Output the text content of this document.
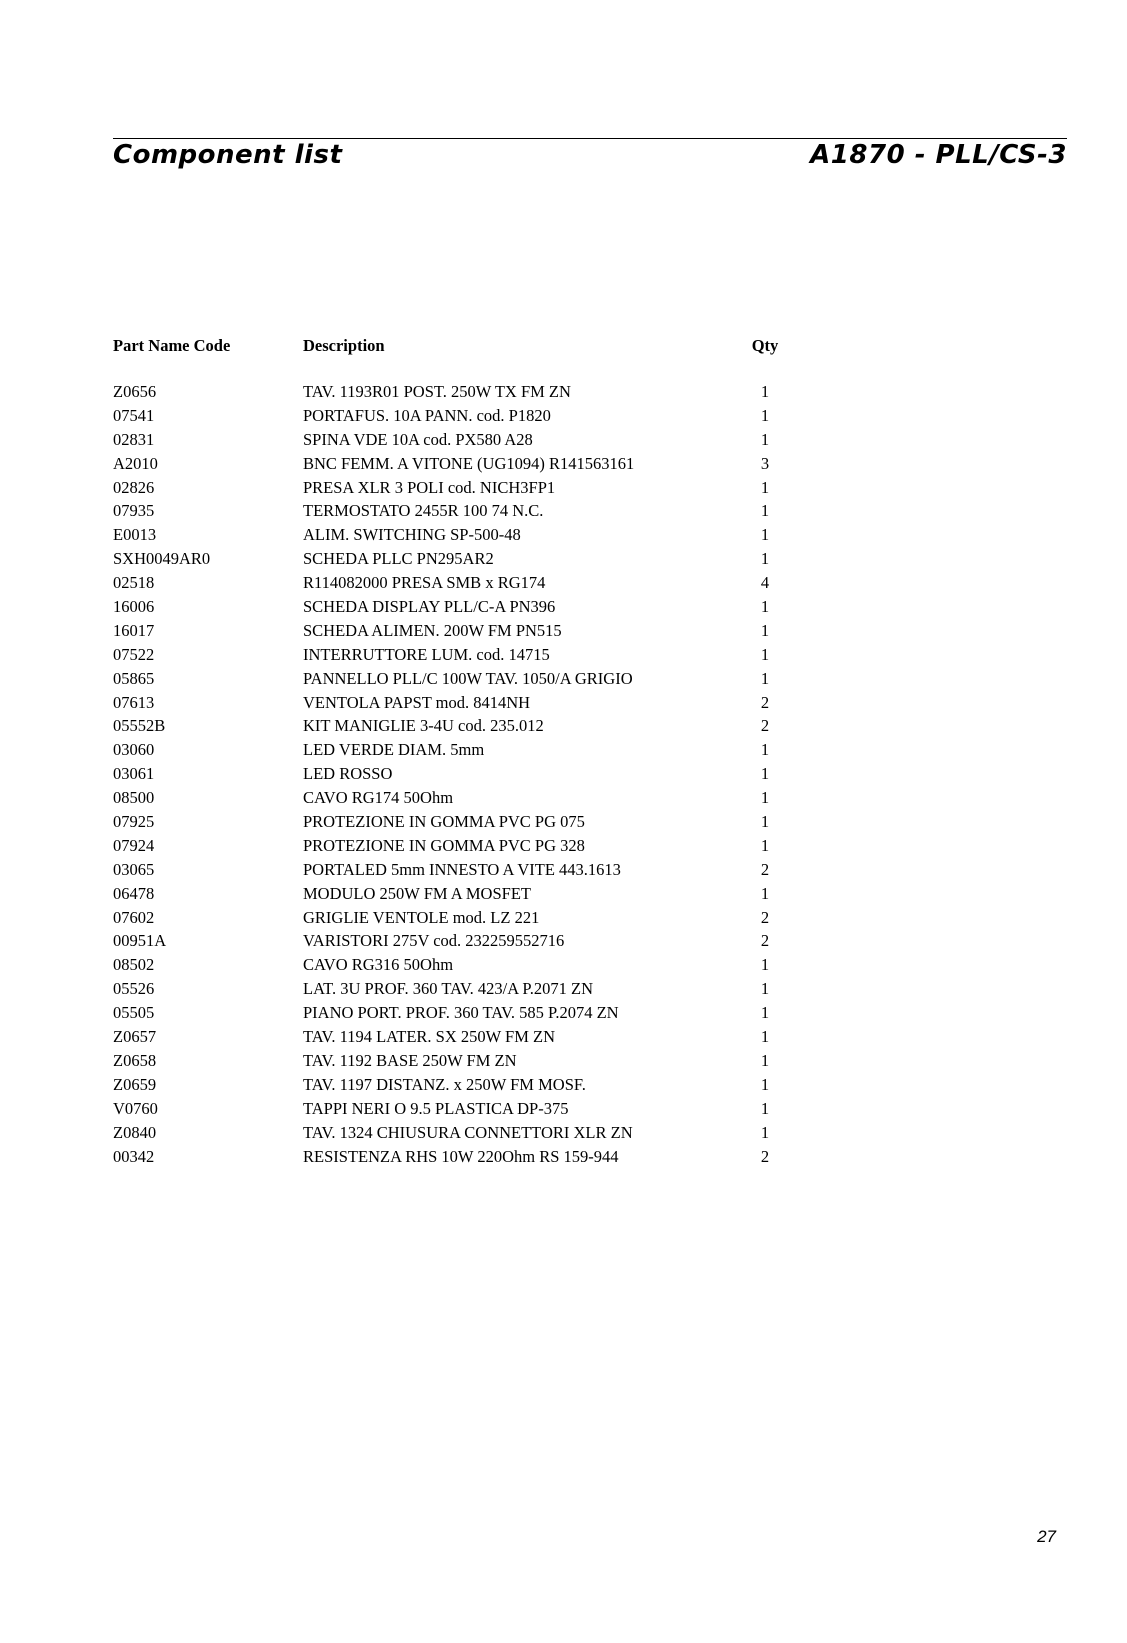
Component list	A1870 - PLL/CS-3
Part Name Code	Description	Qty
Z0656	TAV. 1193R01 POST. 250W TX FM ZN	1
07541	PORTAFUS. 10A PANN. cod. P1820	1
02831	SPINA VDE 10A cod. PX580 A28	1
A2010	BNC FEMM. A VITONE (UG1094) R141563161	3
02826	PRESA XLR 3 POLI cod. NICH3FP1	1
07935	TERMOSTATO 2455R 100 74 N.C.	1
E0013	ALIM. SWITCHING SP-500-48	1
SXH0049AR0	SCHEDA PLLC PN295AR2	1
02518	R114082000 PRESA SMB x RG174	4
16006	SCHEDA DISPLAY PLL/C-A PN396	1
16017	SCHEDA ALIMEN. 200W FM PN515	1
07522	INTERRUTTORE LUM. cod. 14715	1
05865	PANNELLO PLL/C 100W TAV. 1050/A GRIGIO	1
07613	VENTOLA PAPST mod. 8414NH	2
05552B	KIT MANIGLIE 3-4U cod. 235.012	2
03060	LED VERDE DIAM. 5mm	1
03061	LED ROSSO	1
08500	CAVO RG174 50Ohm	1
07925	PROTEZIONE IN GOMMA PVC PG 075	1
07924	PROTEZIONE IN GOMMA PVC PG 328	1
03065	PORTALED 5mm INNESTO A VITE 443.1613	2
06478	MODULO 250W FM A MOSFET	1
07602	GRIGLIE VENTOLE mod. LZ 221	2
00951A	VARISTORI 275V cod. 232259552716	2
08502	CAVO RG316 50Ohm	1
05526	LAT. 3U PROF. 360 TAV. 423/A P.2071 ZN	1
05505	PIANO PORT. PROF. 360 TAV. 585 P.2074 ZN	1
Z0657	TAV. 1194 LATER. SX 250W FM ZN	1
Z0658	TAV. 1192 BASE 250W FM ZN	1
Z0659	TAV. 1197 DISTANZ. x 250W FM MOSF.	1
V0760	TAPPI NERI O 9.5 PLASTICA DP-375	1
Z0840	TAV. 1324 CHIUSURA CONNETTORI XLR ZN	1
00342	RESISTENZA RHS 10W 220Ohm RS 159-944	2
27
